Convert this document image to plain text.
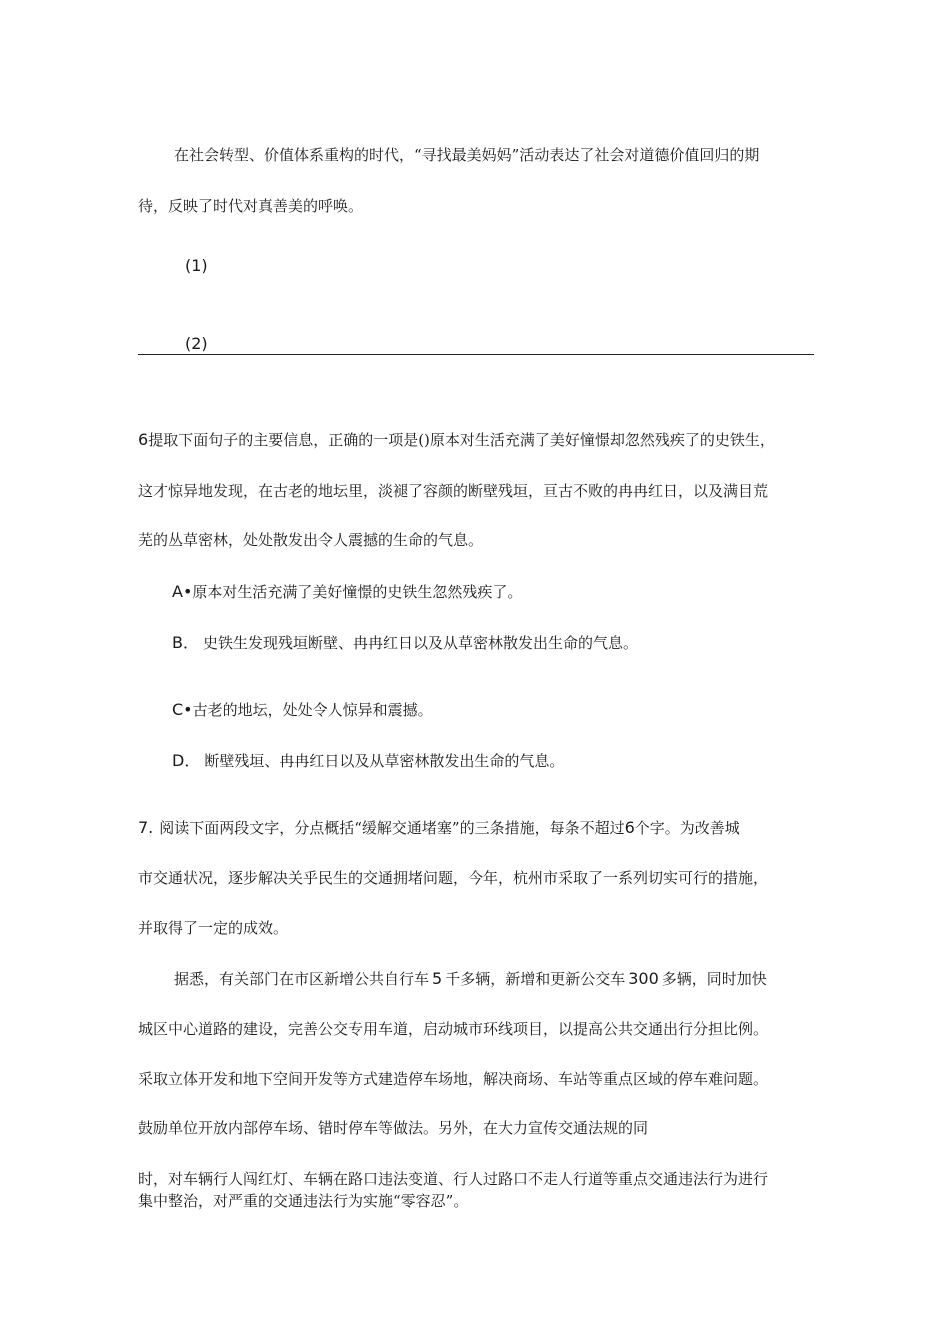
在社会转型、价值体系重构的时代，“寻找最美妈妈”活动表达了社会对道德价值回归的期

待，反映了时代对真善美的呼唤。

(1)

(2)

6提取下面句子的主要信息，正确的一项是()原本对生活充满了美好憧憬却忽然残疾了的史铁生，

这才惊异地发现，在古老的地坛里，淡褪了容颜的断壁残垣，亘古不败的冉冉红日，以及满目荒

芜的丛草密林，处处散发出令人震撼的生命的气息。

A•原本对生活充满了美好憧憬的史铁生忽然残疾了。

B． 史铁生发现残垣断壁、冉冉红日以及从草密林散发出生命的气息。

C•古老的地坛，处处令人惊异和震撼。

D． 断壁残垣、冉冉红日以及从草密林散发出生命的气息。

7. 阅读下面两段文字，分点概括“缓解交通堵塞”的三条措施，每条不超过6个字。为改善城

市交通状况，逐步解决关乎民生的交通拥堵问题，今年，杭州市采取了一系列切实可行的措施，

并取得了一定的成效。

据悉，有关部门在市区新增公共自行车 5 千多辆，新增和更新公交车 300 多辆，同时加快

城区中心道路的建设，完善公交专用车道，启动城市环线项目，以提高公共交通出行分担比例。

采取立体开发和地下空间开发等方式建造停车场地，解决商场、车站等重点区域的停车难问题。

鼓励单位开放内部停车场、错时停车等做法。另外，在大力宣传交通法规的同

时，对车辆行人闯红灯、车辆在路口违法变道、行人过路口不走人行道等重点交通违法行为进行

集中整治，对严重的交通违法行为实施“零容忍”。
